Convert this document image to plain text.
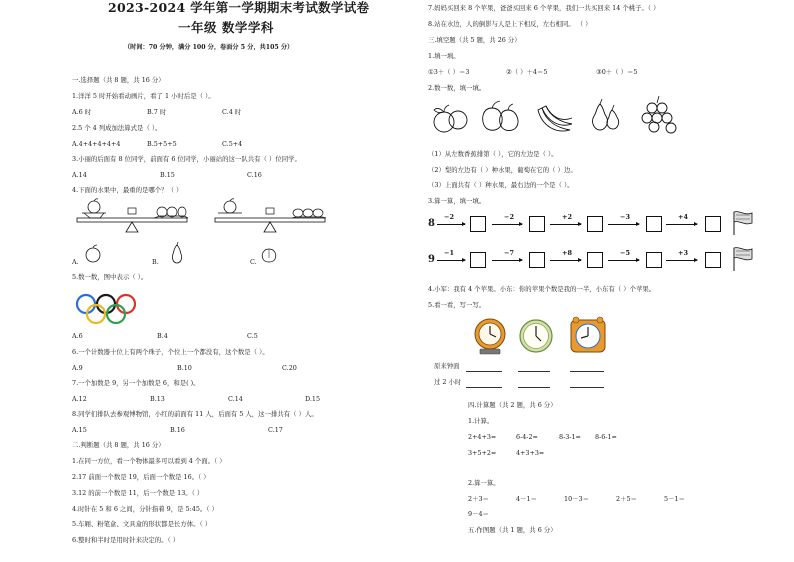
2023-2024 学年第一学期期末考试数学试卷
一年级 数学学科
（时间：70 分钟，满分 100 分，卷面分 5 分，共105 分）
一.选择题（共 8 题，共 16 分）
1.洋洋 5 时开始看动画片，看了 1 小时后是（ ）。
A.6 时	B.7 时	C.4 时
2.5 个 4 列成加法算式是（ ）。
A.4+4+4+4+4	B.5+5+5	C.5+4
3.小丽的后面有 8 位同学，前面有 6 位同学，小丽站的这一队共有（ ）位同学。
A.14	B.15	C.16
4.下面的水果中，最重的是哪个？（ ）
A.	B.	C.
5.数一数，图中表示（ ）。
A.6	B.4	C.5
6.一个计数器十位上有两个珠子，个位上一个都没有，这个数是（ ）。
A.9	B.10	C.20
7.一个加数是 9，另一个加数是 6，和是( )。
A.12	B.13	C.14	D.15
8.同学们排队去参观博物馆，小红的前面有 11 人，后面有 5 人，这一排共有（ ）人。
A.15	B.16	C.17
二.判断题（共 8 题，共 16 分）
1.在同一方位，看一个物体最多可以看到 4 个面。（ ）
2.17 前面一个数是 19，后面一个数是 16。（ ）
3.12 的前一个数是 11，后一个数是 13。（ ）
4.时针在 5 和 6 之间，分针指着 9，是 5:45。（ ）
5.车厢、粉笔盒、文具盒的形状都是长方体。（ ）
6.整时和半时是用时针来决定的。（ ）
7.妈妈买回来 8 个苹果，爸爸买回来 6 个苹果，我们一共买回来 14 个桃子。（ ）
8.站在水边，人的倒影与人是上下相反，左右相同。 （ ）
三.填空题（共 5 题，共 26 分）
1.填一填。
①3＋（ ）＝3	②（ ）＋4＝5	③0＋（ ）＝5
2.数一数，填一填。
（1）从左数香蕉排第（ ），它的左边是（ ）。
（2）梨的左边有（ ）种水果，葡萄在它的（ ）边。
（3）上面共有（ ）种水果，最右边的一个是（ ）。
3.算一算，填一填。
8
−2	−2	+2	−3	+4
9
−1	−7	+8	−5	+3
4.小军：我有 4 个苹果。小东：你的苹果个数是我的一半，小东有（ ）个苹果。
5.看一看，写一写。
原来钟面
过 2 小时
四.计算题（共 2 题，共 6 分）
1.计算。
2+4+3=	6-4-2=	8-3-1= 8-6-1=
3+5+2=	4+3+3=
2.算一算。
2＋3＝	4－1＝	10－3＝	2＋5＝	5－1＝
9－4＝
五.作图题（共 1 题，共 6 分）
